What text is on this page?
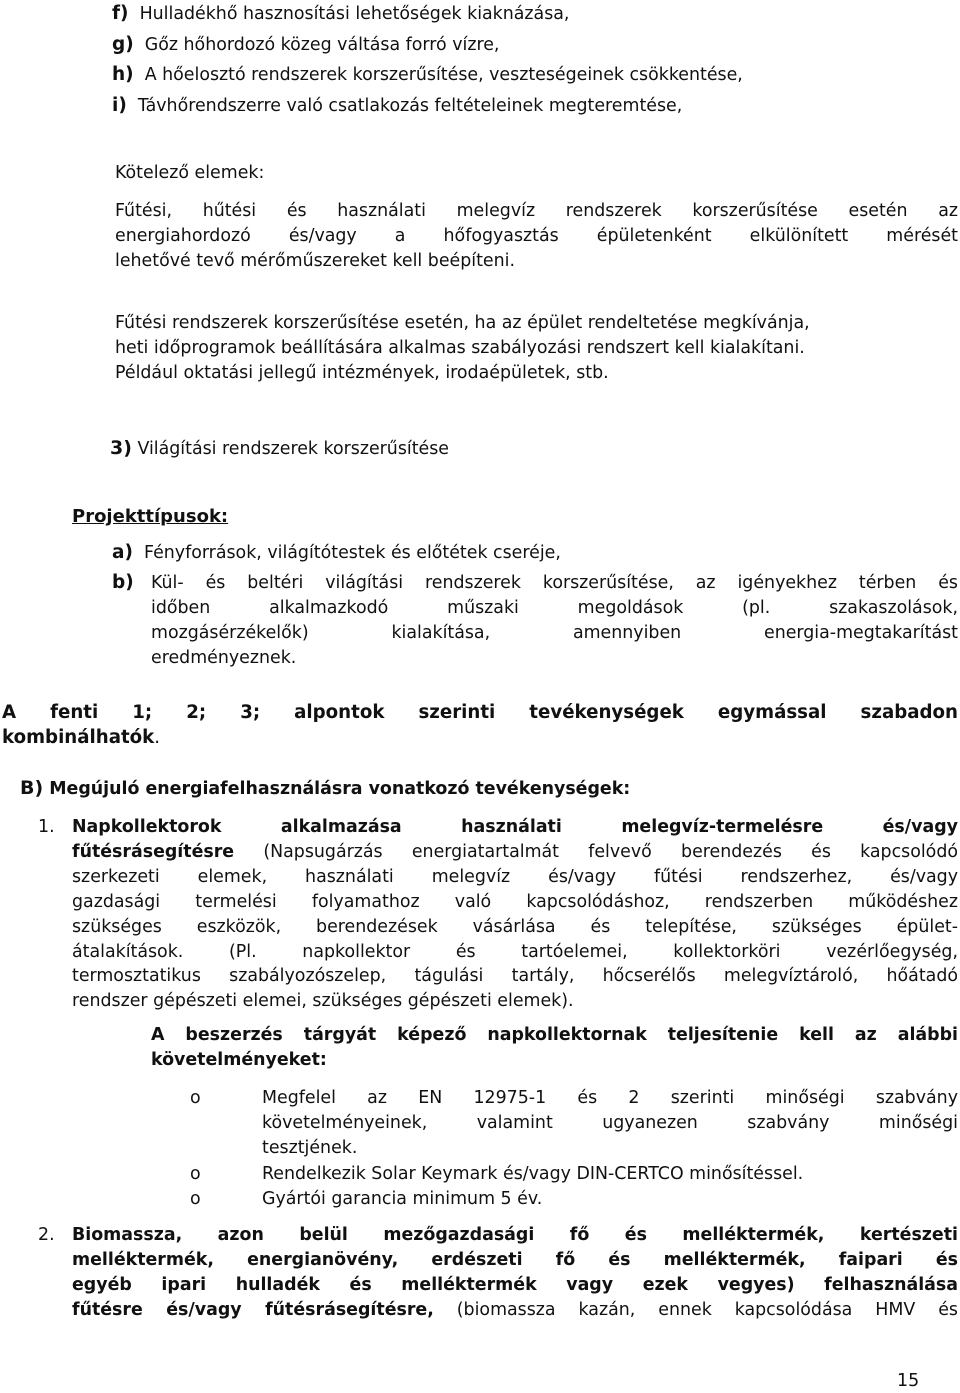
f) Hulladékhő hasznosítási lehetőségek kiaknázása,
g) Gőz hőhordozó közeg váltása forró vízre,
h) A hőelosztó rendszerek korszerűsítése, veszteségeinek csökkentése,
i) Távhőrendszerre való csatlakozás feltételeinek megteremtése,
Kötelező elemek:
Fűtési, hűtési és használati melegvíz rendszerek korszerűsítése esetén az
energiahordozó és/vagy a hőfogyasztás épületenként elkülönített mérését
lehetővé tevő mérőműszereket kell beépíteni.
Fűtési rendszerek korszerűsítése esetén, ha az épület rendeltetése megkívánja,
heti időprogramok beállítására alkalmas szabályozási rendszert kell kialakítani.
Például oktatási jellegű intézmények, irodaépületek, stb.
3) Világítási rendszerek korszerűsítése
Projekttípusok:
a) Fényforrások, világítótestek és előtétek cseréje,
b) Kül- és beltéri világítási rendszerek korszerűsítése, az igényekhez térben és
időben alkalmazkodó műszaki megoldások (pl. szakaszolások,
mozgásérzékelők) kialakítása, amennyiben energia-megtakarítást
eredményeznek.
A fenti 1; 2; 3; alpontok szerinti tevékenységek egymással szabadon
kombinálhatók.
B) Megújuló energiafelhasználásra vonatkozó tevékenységek:
1. Napkollektorok alkalmazása használati melegvíz-termelésre és/vagy
fűtésrásegítésre (Napsugárzás energiatartalmát felvevő berendezés és kapcsolódó
szerkezeti elemek, használati melegvíz és/vagy fűtési rendszerhez, és/vagy
gazdasági termelési folyamathoz való kapcsolódáshoz, rendszerben működéshez
szükséges eszközök, berendezések vásárlása és telepítése, szükséges épület-
átalakítások. (Pl. napkollektor és tartóelemei, kollektorköri vezérlőegység,
termosztatikus szabályozószelep, tágulási tartály, hőcserélős melegvíztároló, hőátadó
rendszer gépészeti elemei, szükséges gépészeti elemek).
A beszerzés tárgyát képező napkollektornak teljesítenie kell az alábbi
követelményeket:
o	Megfelel az EN 12975-1 és 2 szerinti minőségi szabvány
követelményeinek, valamint ugyanezen szabvány minőségi
tesztjének.
o	Rendelkezik Solar Keymark és/vagy DIN-CERTCO minősítéssel.
o	Gyártói garancia minimum 5 év.
2. Biomassza, azon belül mezőgazdasági fő és melléktermék, kertészeti
melléktermék, energianövény, erdészeti fő és melléktermék, faipari és
egyéb ipari hulladék és melléktermék vagy ezek vegyes) felhasználása
fűtésre és/vagy fűtésrásegítésre, (biomassza kazán, ennek kapcsolódása HMV és
15
